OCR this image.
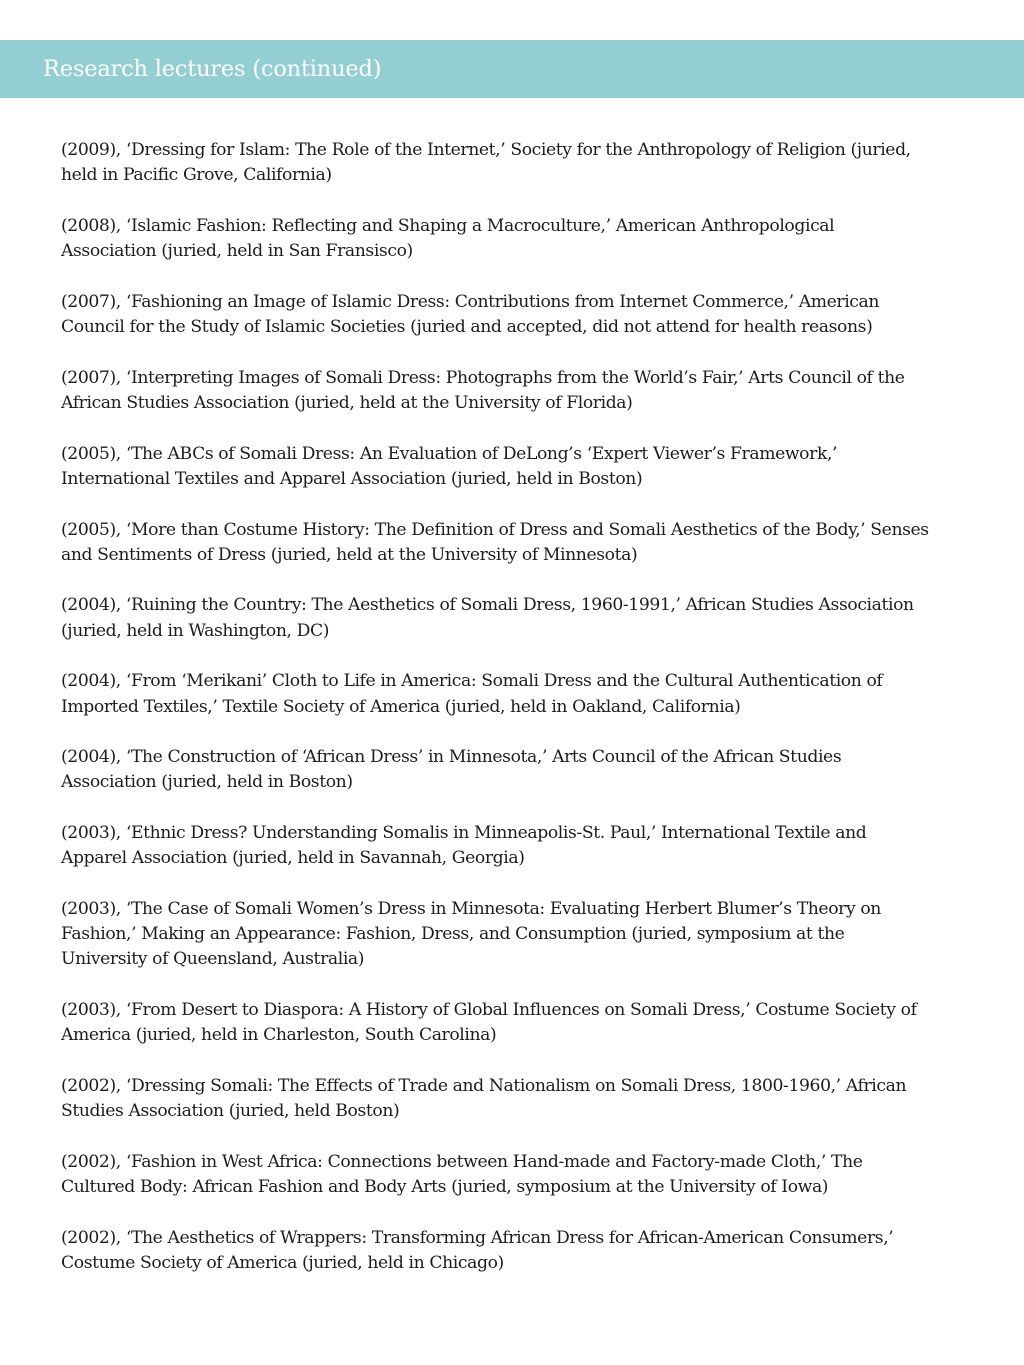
Research lectures (continued)
(2009), ‘Dressing for Islam: The Role of the Internet,’ Society for the Anthropology of Religion (juried, held in Pacific Grove, California)
(2008), ‘Islamic Fashion: Reflecting and Shaping a Macroculture,’ American Anthropological Association (juried, held in San Fransisco)
(2007), ‘Fashioning an Image of Islamic Dress: Contributions from Internet Commerce,’ American Council for the Study of Islamic Societies (juried and accepted, did not attend for health reasons)
(2007), ‘Interpreting Images of Somali Dress: Photographs from the World’s Fair,’ Arts Council of the African Studies Association (juried, held at the University of Florida)
(2005), ‘The ABCs of Somali Dress: An Evaluation of DeLong’s ‘Expert Viewer’s Framework,’ International Textiles and Apparel Association (juried, held in Boston)
(2005), ‘More than Costume History: The Definition of Dress and Somali Aesthetics of the Body,’ Senses and Sentiments of Dress (juried, held at the University of Minnesota)
(2004), ‘Ruining the Country: The Aesthetics of Somali Dress, 1960-1991,’ African Studies Association (juried, held in Washington, DC)
(2004), ‘From ‘Merikani’ Cloth to Life in America: Somali Dress and the Cultural Authentication of Imported Textiles,’ Textile Society of America (juried, held in Oakland, California)
(2004), ‘The Construction of ‘African Dress’ in Minnesota,’ Arts Council of the African Studies Association (juried, held in Boston)
(2003), ‘Ethnic Dress? Understanding Somalis in Minneapolis-St. Paul,’ International Textile and Apparel Association (juried, held in Savannah, Georgia)
(2003), ‘The Case of Somali Women’s Dress in Minnesota: Evaluating Herbert Blumer’s Theory on Fashion,’ Making an Appearance: Fashion, Dress, and Consumption (juried, symposium at the University of Queensland, Australia)
(2003), ‘From Desert to Diaspora: A History of Global Influences on Somali Dress,’ Costume Society of America (juried, held in Charleston, South Carolina)
(2002), ‘Dressing Somali: The Effects of Trade and Nationalism on Somali Dress, 1800-1960,’ African Studies Association (juried, held Boston)
(2002), ‘Fashion in West Africa: Connections between Hand-made and Factory-made Cloth,’ The Cultured Body: African Fashion and Body Arts (juried, symposium at the University of Iowa)
(2002), ‘The Aesthetics of Wrappers: Transforming African Dress for African-American Consumers,’ Costume Society of America (juried, held in Chicago)
